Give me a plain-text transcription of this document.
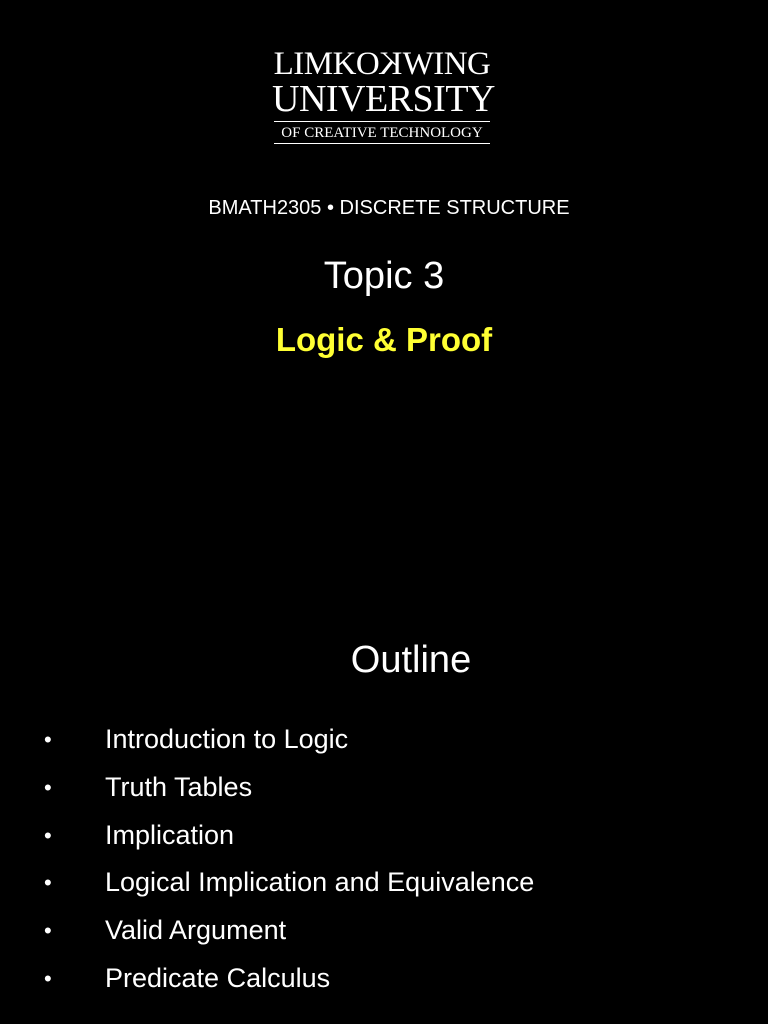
LIMKOKWING
UNIVERSITY
OF CREATIVE TECHNOLOGY
BMATH2305 • DISCRETE STRUCTURE
Topic 3
Logic & Proof
Outline
• Introduction to Logic
• Truth Tables
• Implication
• Logical Implication and Equivalence
• Valid Argument
• Predicate Calculus
